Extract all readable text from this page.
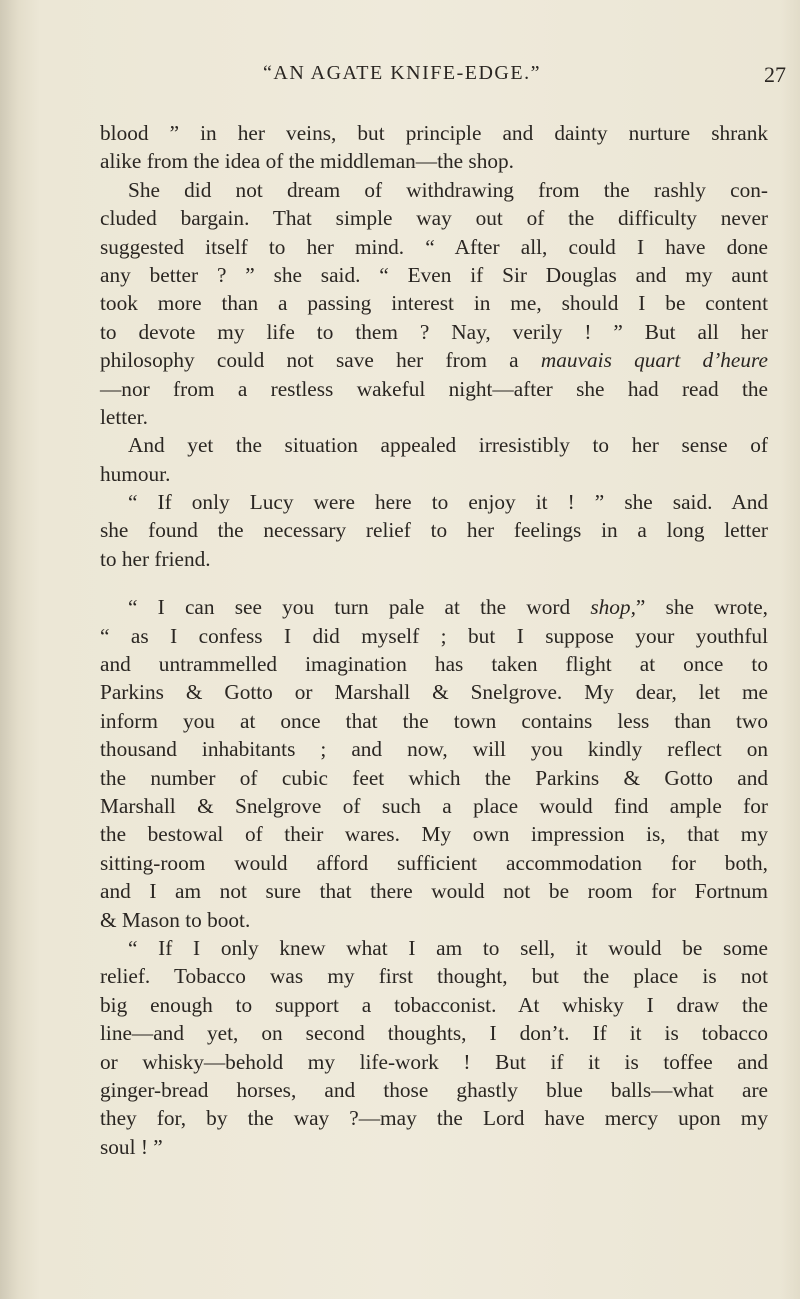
“AN AGATE KNIFE-EDGE.”	27
blood ” in her veins, but principle and dainty nurture shrank
alike from the idea of the middleman—the shop.
She did not dream of withdrawing from the rashly con-
cluded bargain. That simple way out of the difficulty never
suggested itself to her mind. “ After all, could I have done
any better ? ” she said. “ Even if Sir Douglas and my aunt
took more than a passing interest in me, should I be content
to devote my life to them ? Nay, verily ! ” But all her
philosophy could not save her from a mauvais quart d’heure
—nor from a restless wakeful night—after she had read the
letter.
And yet the situation appealed irresistibly to her sense of
humour.
“ If only Lucy were here to enjoy it ! ” she said. And
she found the necessary relief to her feelings in a long letter
to her friend.
“ I can see you turn pale at the word shop,” she wrote,
“ as I confess I did myself ; but I suppose your youthful
and untrammelled imagination has taken flight at once to
Parkins & Gotto or Marshall & Snelgrove. My dear, let me
inform you at once that the town contains less than two
thousand inhabitants ; and now, will you kindly reflect on
the number of cubic feet which the Parkins & Gotto and
Marshall & Snelgrove of such a place would find ample for
the bestowal of their wares. My own impression is, that my
sitting-room would afford sufficient accommodation for both,
and I am not sure that there would not be room for Fortnum
& Mason to boot.
“ If I only knew what I am to sell, it would be some
relief. Tobacco was my first thought, but the place is not
big enough to support a tobacconist. At whisky I draw the
line—and yet, on second thoughts, I don’t. If it is tobacco
or whisky—behold my life-work ! But if it is toffee and
ginger-bread horses, and those ghastly blue balls—what are
they for, by the way ?—may the Lord have mercy upon my
soul ! ”
